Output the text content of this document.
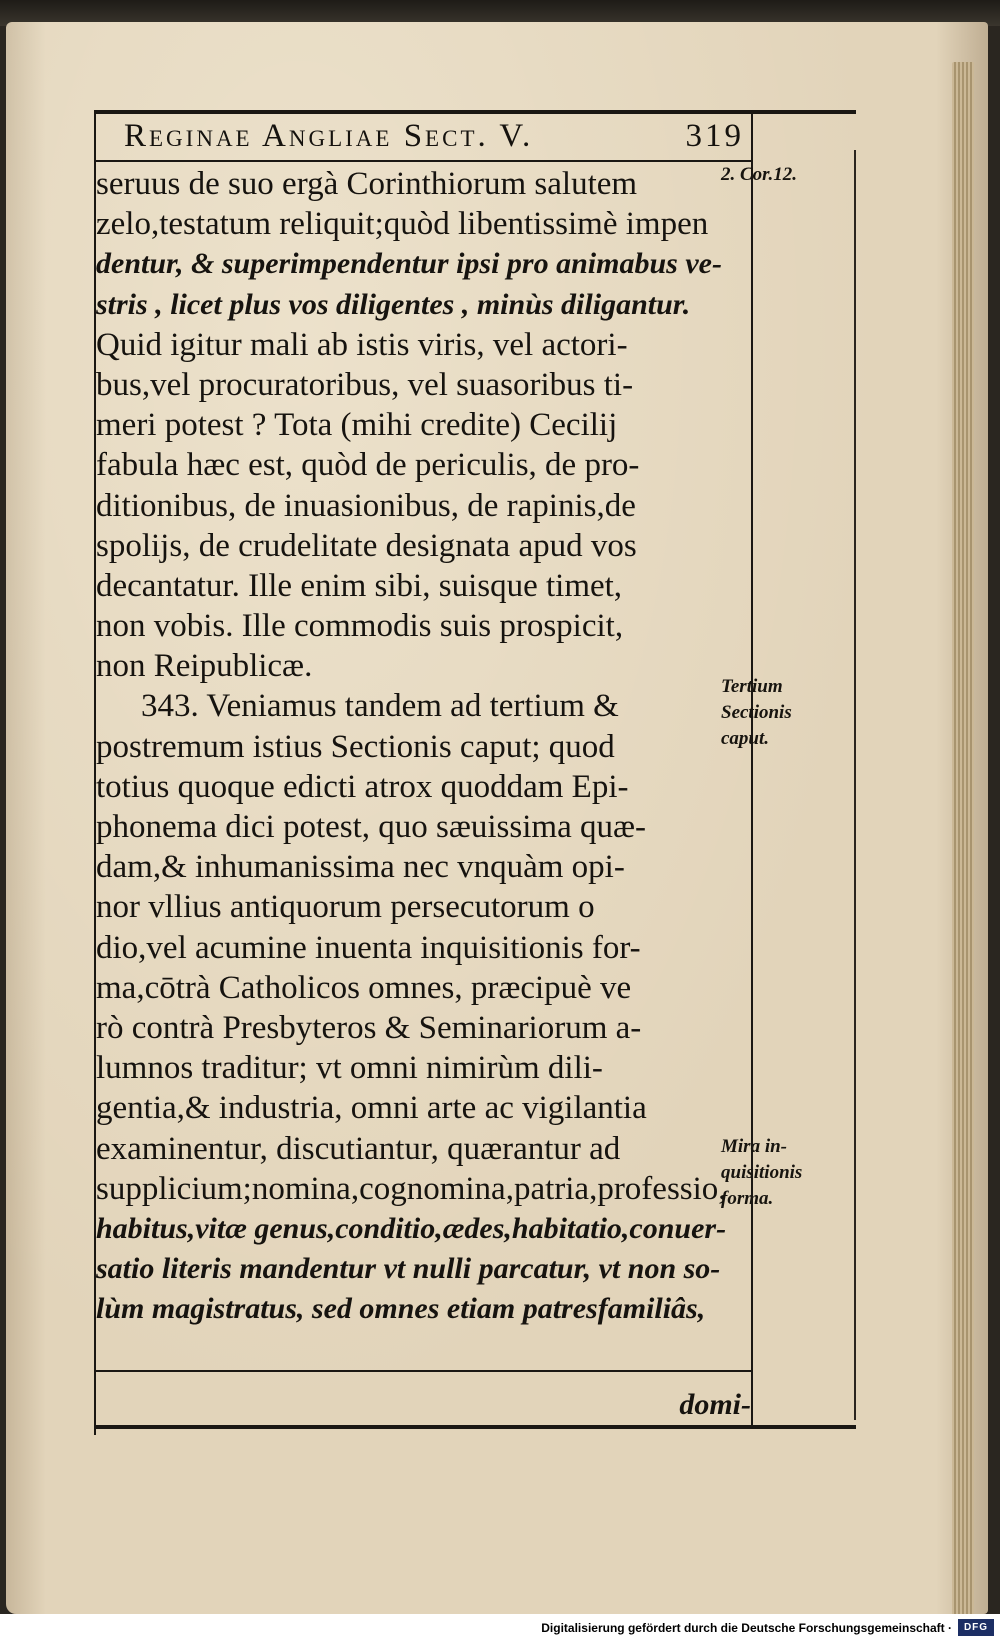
Reginae Angliae Sect. V.	319
seruus de suo ergà Corinthiorum salutem
zelo,testatum reliquit;quòd libentissimè impen
dentur, & superimpendentur ipsi pro animabus ve-
stris , licet plus vos diligentes , minùs diligantur.
Quid igitur mali ab istis viris, vel actori-
bus,vel procuratoribus, vel suasoribus ti-
meri potest ? Tota (mihi credite) Cecilij
fabula hæc est, quòd de periculis, de pro-
ditionibus, de inuasionibus, de rapinis,de
spolijs, de crudelitate designata apud vos
decantatur. Ille enim sibi, suisque timet,
non vobis. Ille commodis suis prospicit,
non Reipublicæ.
343. Veniamus tandem ad tertium &
postremum istius Sectionis caput; quod
totius quoque edicti atrox quoddam Epi-
phonema dici potest, quo sæuissima quæ-
dam,& inhumanissima nec vnquàm opi-
nor vllius antiquorum persecutorum o
dio,vel acumine inuenta inquisitionis for-
ma,cōtrà Catholicos omnes, præcipuè ve
rò contrà Presbyteros & Seminariorum a-
lumnos traditur; vt omni nimirùm dili-
gentia,& industria, omni arte ac vigilantia
examinentur, discutiantur, quærantur ad
supplicium;nomina,cognomina,patria,professio,
habitus,vitæ genus,conditio,ædes,habitatio,conuer-
satio literis mandentur vt nulli parcatur, vt non so-
lùm magistratus, sed omnes etiam patresfamiliâs,
domi-
2. Cor.12.
Tertium Sectionis caput.
Mira in-quisitionis forma.
Digitalisierung gefördert durch die Deutsche Forschungsgemeinschaft ·	DFG
